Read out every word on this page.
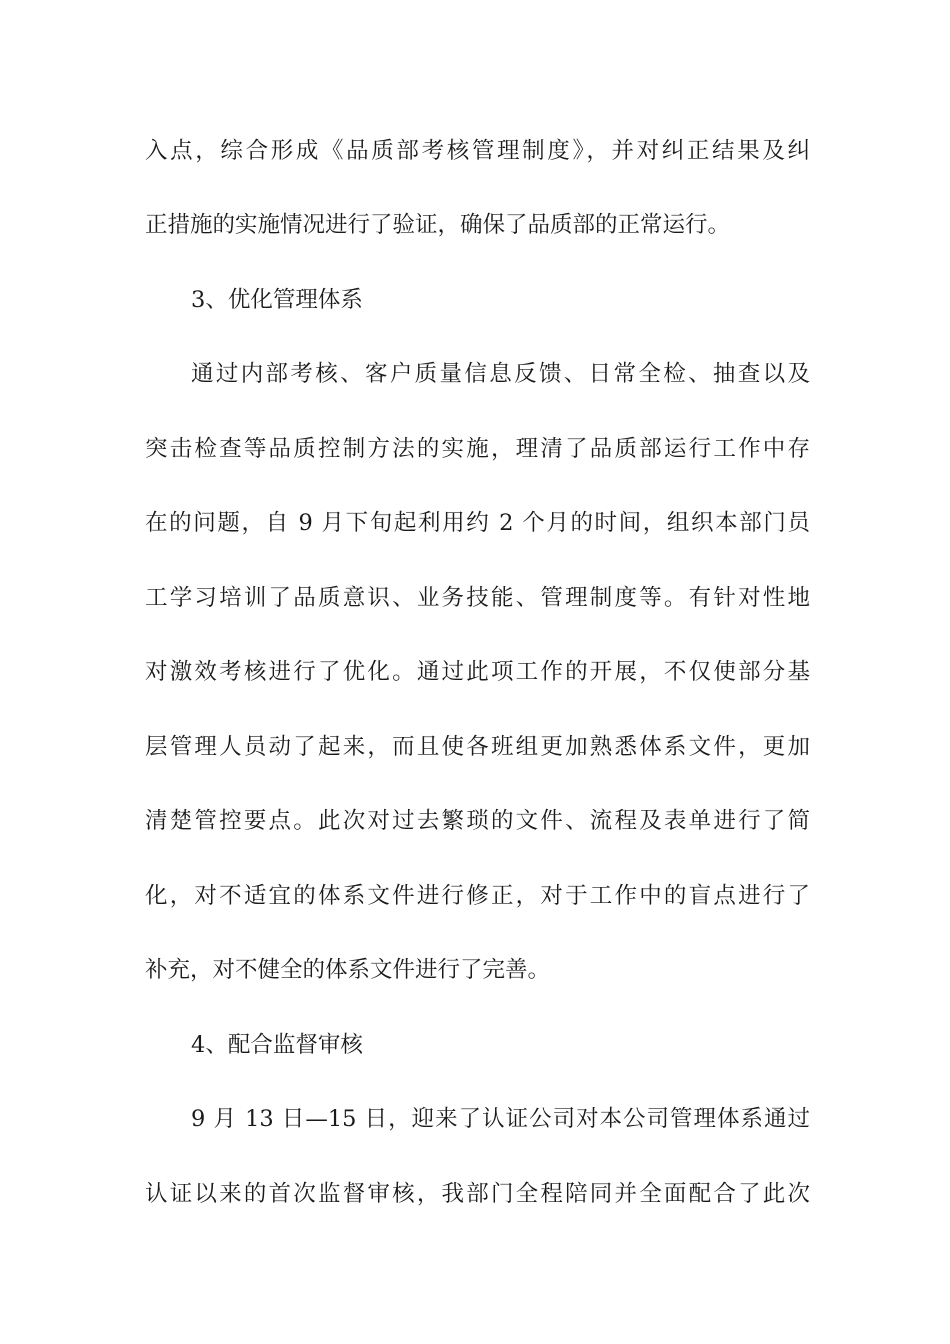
入点，综合形成《品质部考核管理制度》，并对纠正结果及纠
正措施的实施情况进行了验证，确保了品质部的正常运行。
3、优化管理体系
通过内部考核、客户质量信息反馈、日常全检、抽查以及
突击检查等品质控制方法的实施，理清了品质部运行工作中存
在的问题，自 9 月下旬起利用约 2 个月的时间，组织本部门员
工学习培训了品质意识、业务技能、管理制度等。有针对性地
对激效考核进行了优化。通过此项工作的开展，不仅使部分基
层管理人员动了起来，而且使各班组更加熟悉体系文件，更加
清楚管控要点。此次对过去繁琐的文件、流程及表单进行了简
化，对不适宜的体系文件进行修正，对于工作中的盲点进行了
补充，对不健全的体系文件进行了完善。
4、配合监督审核
9 月 13 日—15 日，迎来了认证公司对本公司管理体系通过
认证以来的首次监督审核，我部门全程陪同并全面配合了此次
